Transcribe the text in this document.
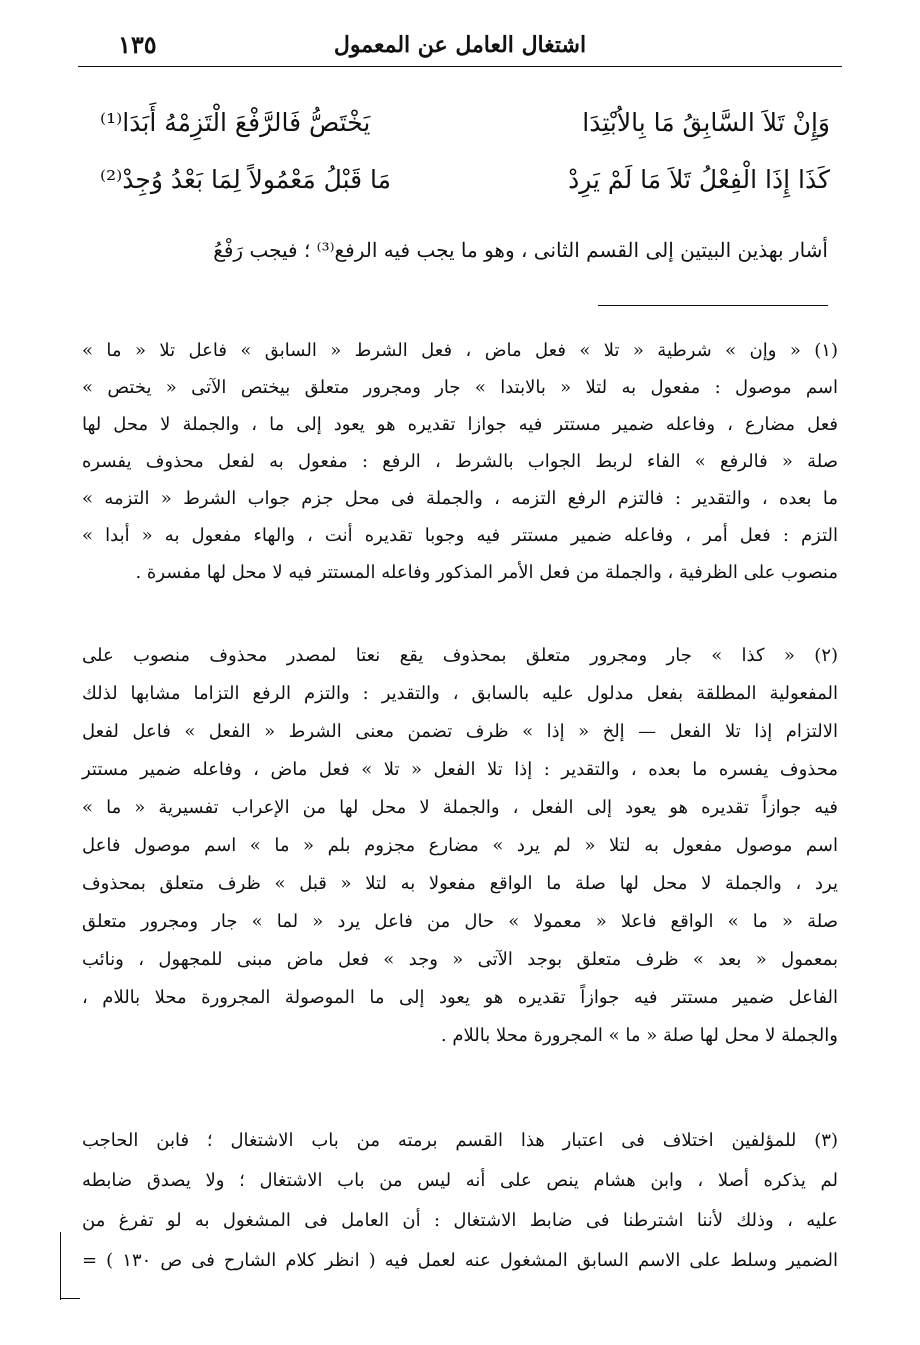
اشتغال العامل عن المعمول
١٣٥
وَإِنْ تَلاَ السَّابِقُ مَا بِالاُبْتِدَا
يَخْتَصُّ فَالرَّفْعَ الْتَزِمْهُ أَبَدَا⁽¹⁾
كَذَا إِذَا الْفِعْلُ تَلاَ مَا لَمْ يَرِدْ
مَا قَبْلُ مَعْمُولاً لِمَا بَعْدُ وُجِدْ⁽²⁾
أشار بهذين البيتين إلى القسم الثانى ، وهو ما يجب فيه الرفع⁽³⁾ ؛ فيجب رَفْعُ
(١) « وإن » شرطية « تلا » فعل ماض ، فعل الشرط « السابق » فاعل تلا « ما »
اسم موصول : مفعول به لتلا « بالابتدا » جار ومجرور متعلق بيختص الآتى « يختص »
فعل مضارع ، وفاعله ضمير مستتر فيه جوازا تقديره هو يعود إلى ما ، والجملة لا محل لها
صلة « فالرفع » الفاء لربط الجواب بالشرط ، الرفع : مفعول به لفعل محذوف يفسره
ما بعده ، والتقدير : فالتزم الرفع التزمه ، والجملة فى محل جزم جواب الشرط « التزمه »
التزم : فعل أمر ، وفاعله ضمير مستتر فيه وجوبا تقديره أنت ، والهاء مفعول به « أبدا »
منصوب على الظرفية ، والجملة من فعل الأمر المذكور وفاعله المستتر فيه لا محل لها مفسرة .
(٢) « كذا » جار ومجرور متعلق بمحذوف يقع نعتا لمصدر محذوف منصوب على
المفعولية المطلقة بفعل مدلول عليه بالسابق ، والتقدير : والتزم الرفع التزاما مشابها لذلك
الالتزام إذا تلا الفعل — إلخ « إذا » ظرف تضمن معنى الشرط « الفعل » فاعل لفعل
محذوف يفسره ما بعده ، والتقدير : إذا تلا الفعل « تلا » فعل ماض ، وفاعله ضمير مستتر
فيه جوازاً تقديره هو يعود إلى الفعل ، والجملة لا محل لها من الإعراب تفسيرية « ما »
اسم موصول مفعول به لتلا « لم يرد » مضارع مجزوم بلم « ما » اسم موصول فاعل
يرد ، والجملة لا محل لها صلة ما الواقع مفعولا به لتلا « قبل » ظرف متعلق بمحذوف
صلة « ما » الواقع فاعلا « معمولا » حال من فاعل يرد « لما » جار ومجرور متعلق
بمعمول « بعد » ظرف متعلق بوجد الآتى « وجد » فعل ماض مبنى للمجهول ، ونائب
الفاعل ضمير مستتر فيه جوازاً تقديره هو يعود إلى ما الموصولة المجرورة محلا باللام ،
والجملة لا محل لها صلة « ما » المجرورة محلا باللام .
(٣) للمؤلفين اختلاف فى اعتبار هذا القسم برمته من باب الاشتغال ؛ فابن الحاجب
لم يذكره أصلا ، وابن هشام ينص على أنه ليس من باب الاشتغال ؛ ولا يصدق ضابطه
عليه ، وذلك لأننا اشترطنا فى ضابط الاشتغال : أن العامل فى المشغول به لو تفرغ من
الضمير وسلط على الاسم السابق المشغول عنه لعمل فيه ( انظر كلام الشارح فى ص ١٣٠ ) =
